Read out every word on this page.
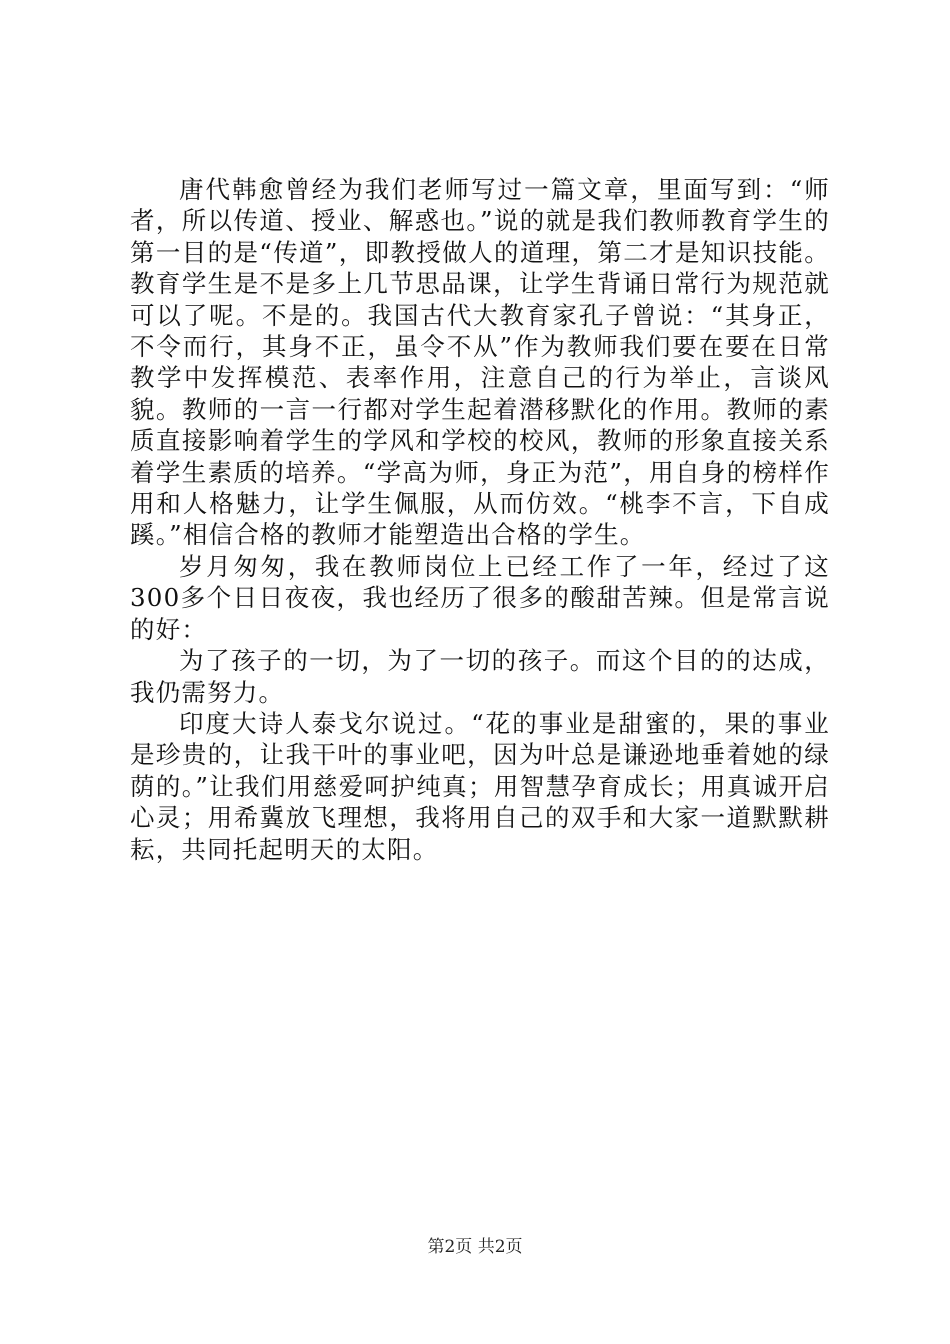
唐代韩愈曾经为我们老师写过一篇文章，里面写到：“师者，所以传道、授业、解惑也。”说的就是我们教师教育学生的第一目的是“传道”，即教授做人的道理，第二才是知识技能。教育学生是不是多上几节思品课，让学生背诵日常行为规范就可以了呢。不是的。我国古代大教育家孔子曾说：“其身正，不令而行，其身不正，虽令不从”作为教师我们要在要在日常教学中发挥模范、表率作用，注意自己的行为举止，言谈风貌。教师的一言一行都对学生起着潜移默化的作用。教师的素质直接影响着学生的学风和学校的校风，教师的形象直接关系着学生素质的培养。“学高为师，身正为范”，用自身的榜样作用和人格魅力，让学生佩服，从而仿效。“桃李不言，下自成蹊。”相信合格的教师才能塑造出合格的学生。

岁月匆匆，我在教师岗位上已经工作了一年，经过了这300多个日日夜夜，我也经历了很多的酸甜苦辣。但是常言说的好：

为了孩子的一切，为了一切的孩子。而这个目的的达成，我仍需努力。

印度大诗人泰戈尔说过。“花的事业是甜蜜的，果的事业是珍贵的，让我干叶的事业吧，因为叶总是谦逊地垂着她的绿荫的。”让我们用慈爱呵护纯真；用智慧孕育成长；用真诚开启心灵；用希冀放飞理想，我将用自己的双手和大家一道默默耕耘，共同托起明天的太阳。

第2页 共2页
